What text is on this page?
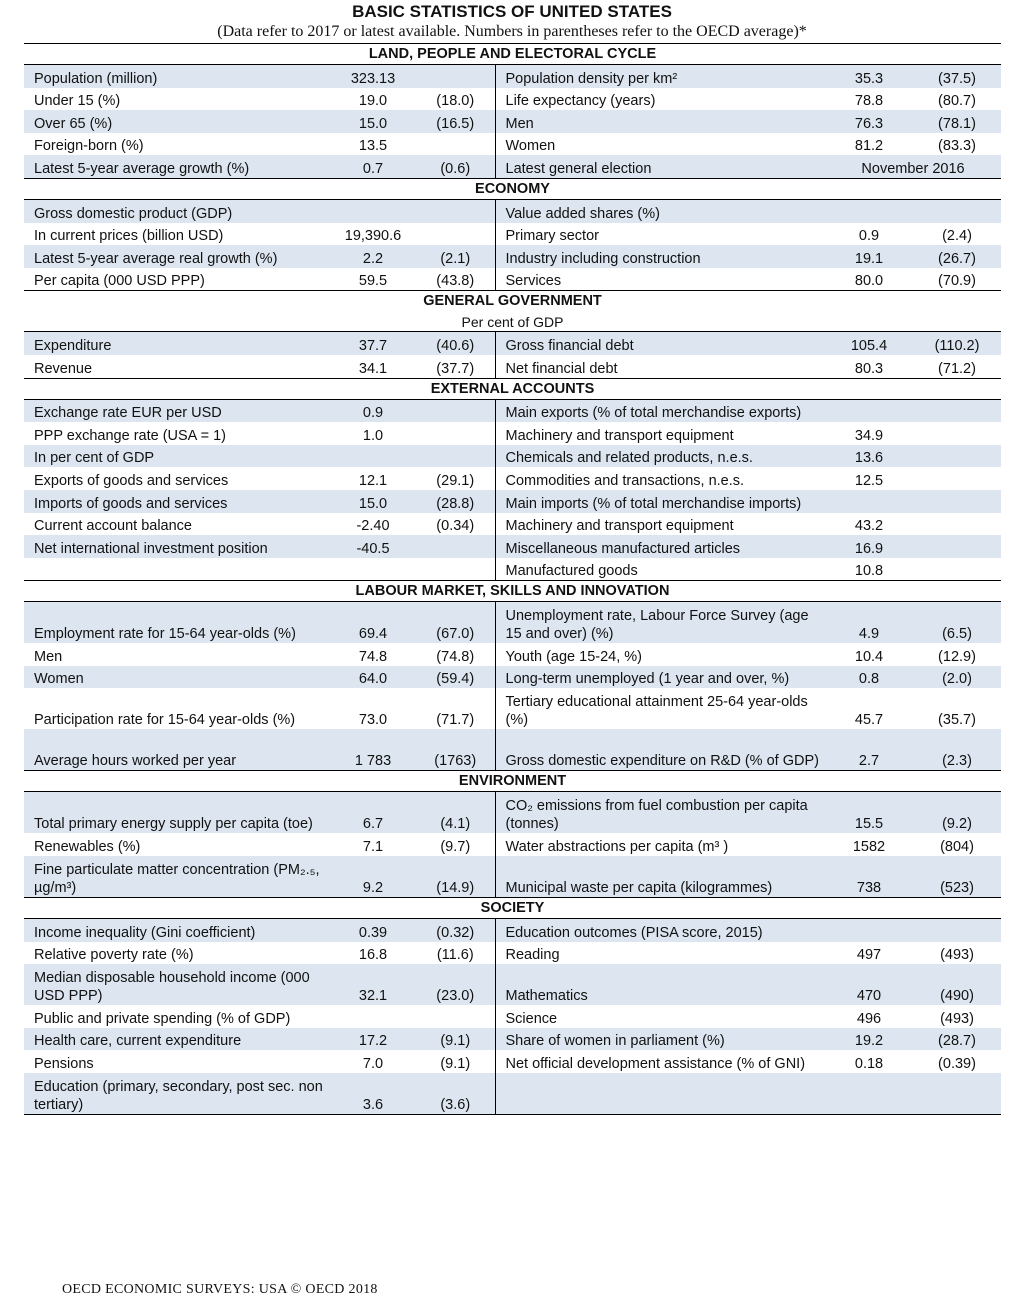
BASIC STATISTICS OF UNITED STATES
(Data refer to 2017 or latest available. Numbers in parentheses refer to the OECD average)*
LAND, PEOPLE AND ELECTORAL CYCLE					
Population (million)	323.13		Population density per km²	35.3	(37.5)
Under 15 (%)	19.0	(18.0)	Life expectancy (years)	78.8	(80.7)
Over 65 (%)	15.0	(16.5)	Men	76.3	(78.1)
Foreign-born (%)	13.5		Women	81.2	(83.3)
Latest 5-year average growth (%)	0.7	(0.6)	Latest general election	November 2016	
ECONOMY					
Gross domestic product (GDP)			Value added shares (%)		
In current prices (billion USD)	19,390.6		Primary sector	0.9	(2.4)
Latest 5-year average real growth (%)	2.2	(2.1)	Industry including construction	19.1	(26.7)
Per capita (000 USD PPP)	59.5	(43.8)	Services	80.0	(70.9)
GENERAL GOVERNMENT					
Per cent of GDP					
Expenditure	37.7	(40.6)	Gross financial debt	105.4	(110.2)
Revenue	34.1	(37.7)	Net financial debt	80.3	(71.2)
EXTERNAL ACCOUNTS					
Exchange rate EUR per USD	0.9		Main exports (% of total merchandise exports)		
PPP exchange rate (USA = 1)	1.0		Machinery and transport equipment	34.9	
In per cent of GDP			Chemicals and related products, n.e.s.	13.6	
Exports of goods and services	12.1	(29.1)	Commodities and transactions, n.e.s.	12.5	
Imports of goods and services	15.0	(28.8)	Main imports (% of total merchandise imports)		
Current account balance	-2.40	(0.34)	Machinery and transport equipment	43.2	
Net international investment position	-40.5		Miscellaneous manufactured articles	16.9	
			Manufactured goods	10.8	
LABOUR MARKET, SKILLS AND INNOVATION					
Employment rate for 15-64 year-olds (%)	69.4	(67.0)	Unemployment rate, Labour Force Survey (age 15 and over) (%)	4.9	(6.5)
Men	74.8	(74.8)	Youth (age 15-24, %)	10.4	(12.9)
Women	64.0	(59.4)	Long-term unemployed (1 year and over, %)	0.8	(2.0)
Participation rate for 15-64 year-olds (%)	73.0	(71.7)	Tertiary educational attainment 25-64 year-olds (%)	45.7	(35.7)
Average hours worked per year	1 783	(1763)	Gross domestic expenditure on R&D (% of GDP)	2.7	(2.3)
ENVIRONMENT					
Total primary energy supply per capita (toe)	6.7	(4.1)	CO₂ emissions from fuel combustion per capita (tonnes)	15.5	(9.2)
Renewables (%)	7.1	(9.7)	Water abstractions per capita (m³ )	1582	(804)
Fine particulate matter concentration (PM₂.₅, µg/m³)	9.2	(14.9)	Municipal waste per capita (kilogrammes)	738	(523)
SOCIETY					
Income inequality (Gini coefficient)	0.39	(0.32)	Education outcomes (PISA score, 2015)		
Relative poverty rate (%)	16.8	(11.6)	Reading	497	(493)
Median disposable household income (000 USD PPP)	32.1	(23.0)	Mathematics	470	(490)
Public and private spending (% of GDP)			Science	496	(493)
Health care, current expenditure	17.2	(9.1)	Share of women in parliament (%)	19.2	(28.7)
Pensions	7.0	(9.1)	Net official development assistance (% of GNI)	0.18	(0.39)
Education (primary, secondary, post sec. non tertiary)	3.6	(3.6)			
OECD ECONOMIC SURVEYS: USA © OECD 2018
